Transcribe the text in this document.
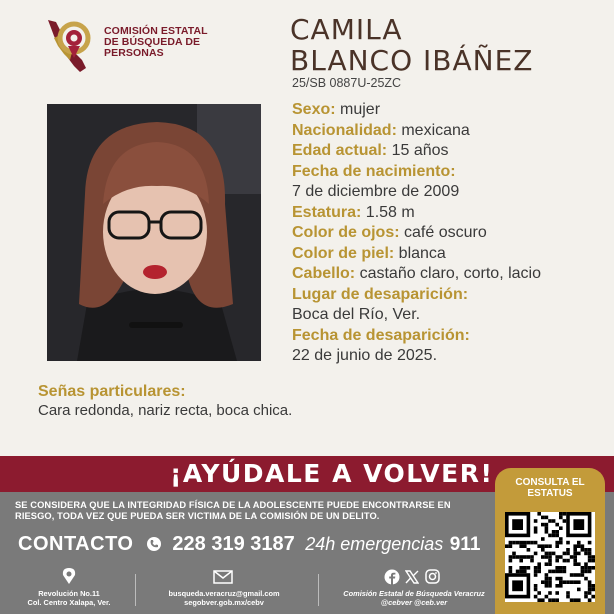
COMISIÓN ESTATAL
DE BÚSQUEDA DE
PERSONAS
CAMILA
BLANCO IBÁÑEZ
25/SB 0887U-25ZC
Sexo: mujer
Nacionalidad: mexicana
Edad actual: 15 años
Fecha de nacimiento:
7 de diciembre de 2009
Estatura: 1.58 m
Color de ojos: café oscuro
Color de piel: blanca
Cabello: castaño claro, corto, lacio
Lugar de desaparición:
Boca del Río, Ver.
Fecha de desaparición:
22 de junio de 2025.
Señas particulares:
Cara redonda, nariz recta, boca chica.
¡AYÚDALE A VOLVER!	CONSULTA EL
ESTATUS
SE CONSIDERA QUE LA INTEGRIDAD FÍSICA DE LA ADOLESCENTE PUEDE ENCONTRARSE EN
RIESGO, TODA VEZ QUE PUEDA SER VICTIMA DE LA COMISIÓN DE UN DELITO.
CONTACTO 228 319 3187 24h emergencias 911
Revolución No.11
Col. Centro Xalapa, Ver.
busqueda.veracruz@gmail.com
segobver.gob.mx/cebv
Comisión Estatal de Búsqueda Veracruz
@cebver @ceb.ver
